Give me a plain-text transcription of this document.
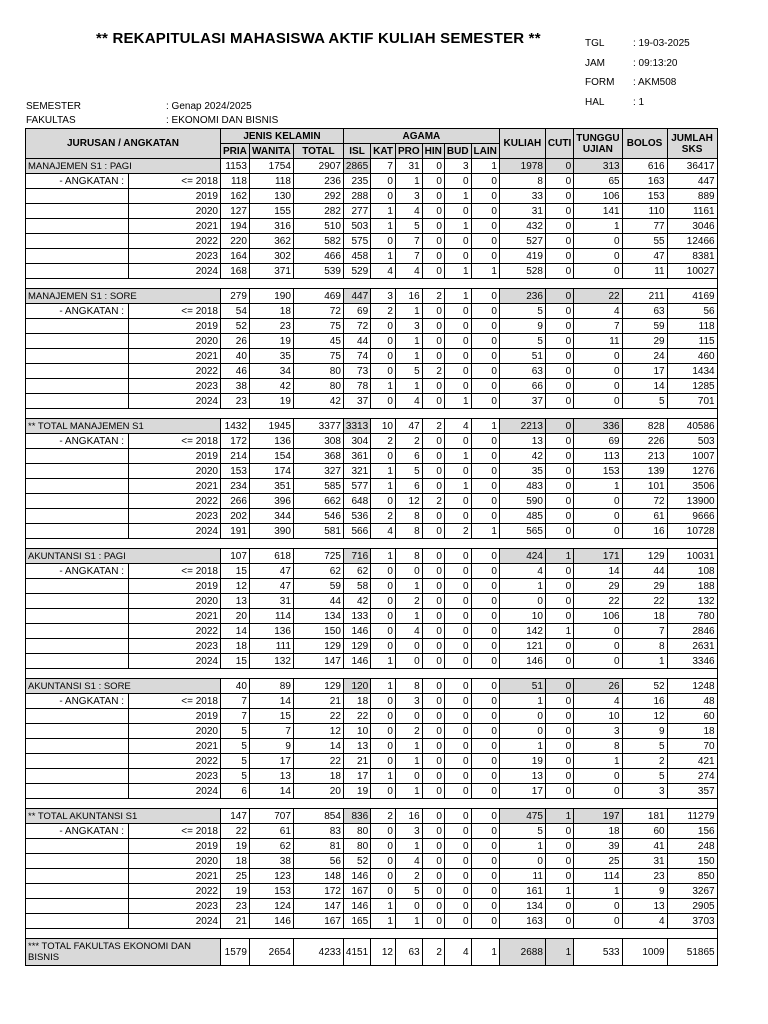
** REKAPITULASI MAHASISWA AKTIF KULIAH SEMESTER **	TGL	: 19-03-2025
JAM	: 09:13:20
FORM	: AKM508
HAL	: 1
SEMESTER	: Genap 2024/2025
FAKULTAS	: EKONOMI DAN BISNIS
JURUSAN / ANGKATAN		JENIS KELAMIN			AGAMA						KULIAH	CUTI	TUNGGU UJIAN	BOLOS	JUMLAH SKS
		PRIA	WANITA	TOTAL	ISL	KAT	PRO	HIN	BUD	LAIN					
MANAJEMEN S1 : PAGI		1153	1754	2907	2865	7	31	0	3	1	1978	0	313	616	36417
- ANGKATAN :	<= 2018	118	118	236	235	0	1	0	0	0	8	0	65	163	447
	2019	162	130	292	288	0	3	0	1	0	33	0	106	153	889
	2020	127	155	282	277	1	4	0	0	0	31	0	141	110	1161
	2021	194	316	510	503	1	5	0	1	0	432	0	1	77	3046
	2022	220	362	582	575	0	7	0	0	0	527	0	0	55	12466
	2023	164	302	466	458	1	7	0	0	0	419	0	0	47	8381
	2024	168	371	539	529	4	4	0	1	1	528	0	0	11	10027

MANAJEMEN S1 : SORE		279	190	469	447	3	16	2	1	0	236	0	22	211	4169
- ANGKATAN :	<= 2018	54	18	72	69	2	1	0	0	0	5	0	4	63	56
	2019	52	23	75	72	0	3	0	0	0	9	0	7	59	118
	2020	26	19	45	44	0	1	0	0	0	5	0	11	29	115
	2021	40	35	75	74	0	1	0	0	0	51	0	0	24	460
	2022	46	34	80	73	0	5	2	0	0	63	0	0	17	1434
	2023	38	42	80	78	1	1	0	0	0	66	0	0	14	1285
	2024	23	19	42	37	0	4	0	1	0	37	0	0	5	701

** TOTAL MANAJEMEN S1		1432	1945	3377	3313	10	47	2	4	1	2213	0	336	828	40586
- ANGKATAN :	<= 2018	172	136	308	304	2	2	0	0	0	13	0	69	226	503
	2019	214	154	368	361	0	6	0	1	0	42	0	113	213	1007
	2020	153	174	327	321	1	5	0	0	0	35	0	153	139	1276
	2021	234	351	585	577	1	6	0	1	0	483	0	1	101	3506
	2022	266	396	662	648	0	12	2	0	0	590	0	0	72	13900
	2023	202	344	546	536	2	8	0	0	0	485	0	0	61	9666
	2024	191	390	581	566	4	8	0	2	1	565	0	0	16	10728

AKUNTANSI S1 : PAGI		107	618	725	716	1	8	0	0	0	424	1	171	129	10031
- ANGKATAN :	<= 2018	15	47	62	62	0	0	0	0	0	4	0	14	44	108
	2019	12	47	59	58	0	1	0	0	0	1	0	29	29	188
	2020	13	31	44	42	0	2	0	0	0	0	0	22	22	132
	2021	20	114	134	133	0	1	0	0	0	10	0	106	18	780
	2022	14	136	150	146	0	4	0	0	0	142	1	0	7	2846
	2023	18	111	129	129	0	0	0	0	0	121	0	0	8	2631
	2024	15	132	147	146	1	0	0	0	0	146	0	0	1	3346

AKUNTANSI S1 : SORE		40	89	129	120	1	8	0	0	0	51	0	26	52	1248
- ANGKATAN :	<= 2018	7	14	21	18	0	3	0	0	0	1	0	4	16	48
	2019	7	15	22	22	0	0	0	0	0	0	0	10	12	60
	2020	5	7	12	10	0	2	0	0	0	0	0	3	9	18
	2021	5	9	14	13	0	1	0	0	0	1	0	8	5	70
	2022	5	17	22	21	0	1	0	0	0	19	0	1	2	421
	2023	5	13	18	17	1	0	0	0	0	13	0	0	5	274
	2024	6	14	20	19	0	1	0	0	0	17	0	0	3	357

** TOTAL AKUNTANSI S1		147	707	854	836	2	16	0	0	0	475	1	197	181	11279
- ANGKATAN :	<= 2018	22	61	83	80	0	3	0	0	0	5	0	18	60	156
	2019	19	62	81	80	0	1	0	0	0	1	0	39	41	248
	2020	18	38	56	52	0	4	0	0	0	0	0	25	31	150
	2021	25	123	148	146	0	2	0	0	0	11	0	114	23	850
	2022	19	153	172	167	0	5	0	0	0	161	1	1	9	3267
	2023	23	124	147	146	1	0	0	0	0	134	0	0	13	2905
	2024	21	146	167	165	1	1	0	0	0	163	0	0	4	3703

*** TOTAL FAKULTAS EKONOMI DAN BISNIS		1579	2654	4233	4151	12	63	2	4	1	2688	1	533	1009	51865
